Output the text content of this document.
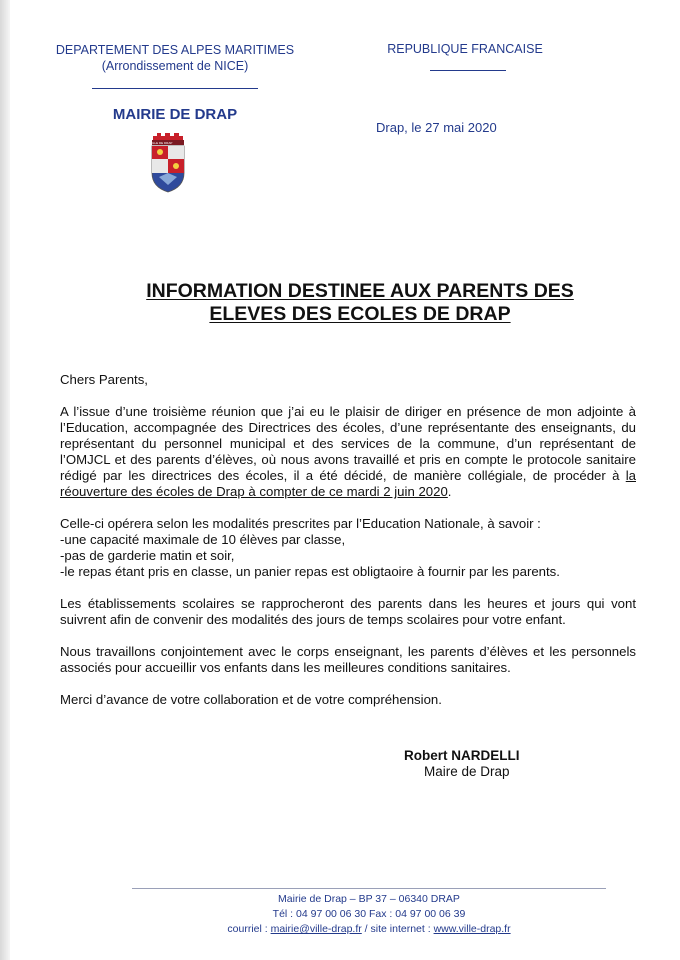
DEPARTEMENT DES ALPES MARITIMES
(Arrondissement de NICE)
MAIRIE DE DRAP
REPUBLIQUE FRANCAISE
Drap, le 27 mai 2020
VILLE DE DRAP
INFORMATION DESTINEE AUX PARENTS DES
ELEVES DES ECOLES DE DRAP

Chers Parents,

A l’issue d’une troisième réunion que j’ai eu le plaisir de diriger en présence de mon adjointe à l’Education, accompagnée des Directrices des écoles, d’une représentante des enseignants, du représentant du personnel municipal et des services de la commune, d’un représentant de l’OMJCL et des parents d’élèves, où nous avons travaillé et pris en compte le protocole sanitaire rédigé par les directrices des écoles, il a été décidé, de manière collégiale, de procéder à la réouverture des écoles de Drap à compter de ce mardi 2 juin 2020.

Celle-ci opérera selon les modalités prescrites par l’Education Nationale, à savoir :

-une capacité maximale de 10 élèves par classe,

-pas de garderie matin et soir,

-le repas étant pris en classe, un panier repas est obligtaoire à fournir par les parents.

Les établissements scolaires se rapprocheront des parents dans les heures et jours qui vont suivrent afin de convenir des modalités des jours de temps scolaires pour votre enfant.

Nous travaillons conjointement avec le corps enseignant, les parents d’élèves et les personnels associés pour accueillir vos enfants dans les meilleures conditions sanitaires.

Merci d’avance de votre collaboration et de votre compréhension.

Robert NARDELLI
Maire de Drap
Mairie de Drap – BP 37 – 06340 DRAP
Tél : 04 97 00 06 30 Fax : 04 97 00 06 39
courriel : mairie@ville-drap.fr / site internet : www.ville-drap.fr
